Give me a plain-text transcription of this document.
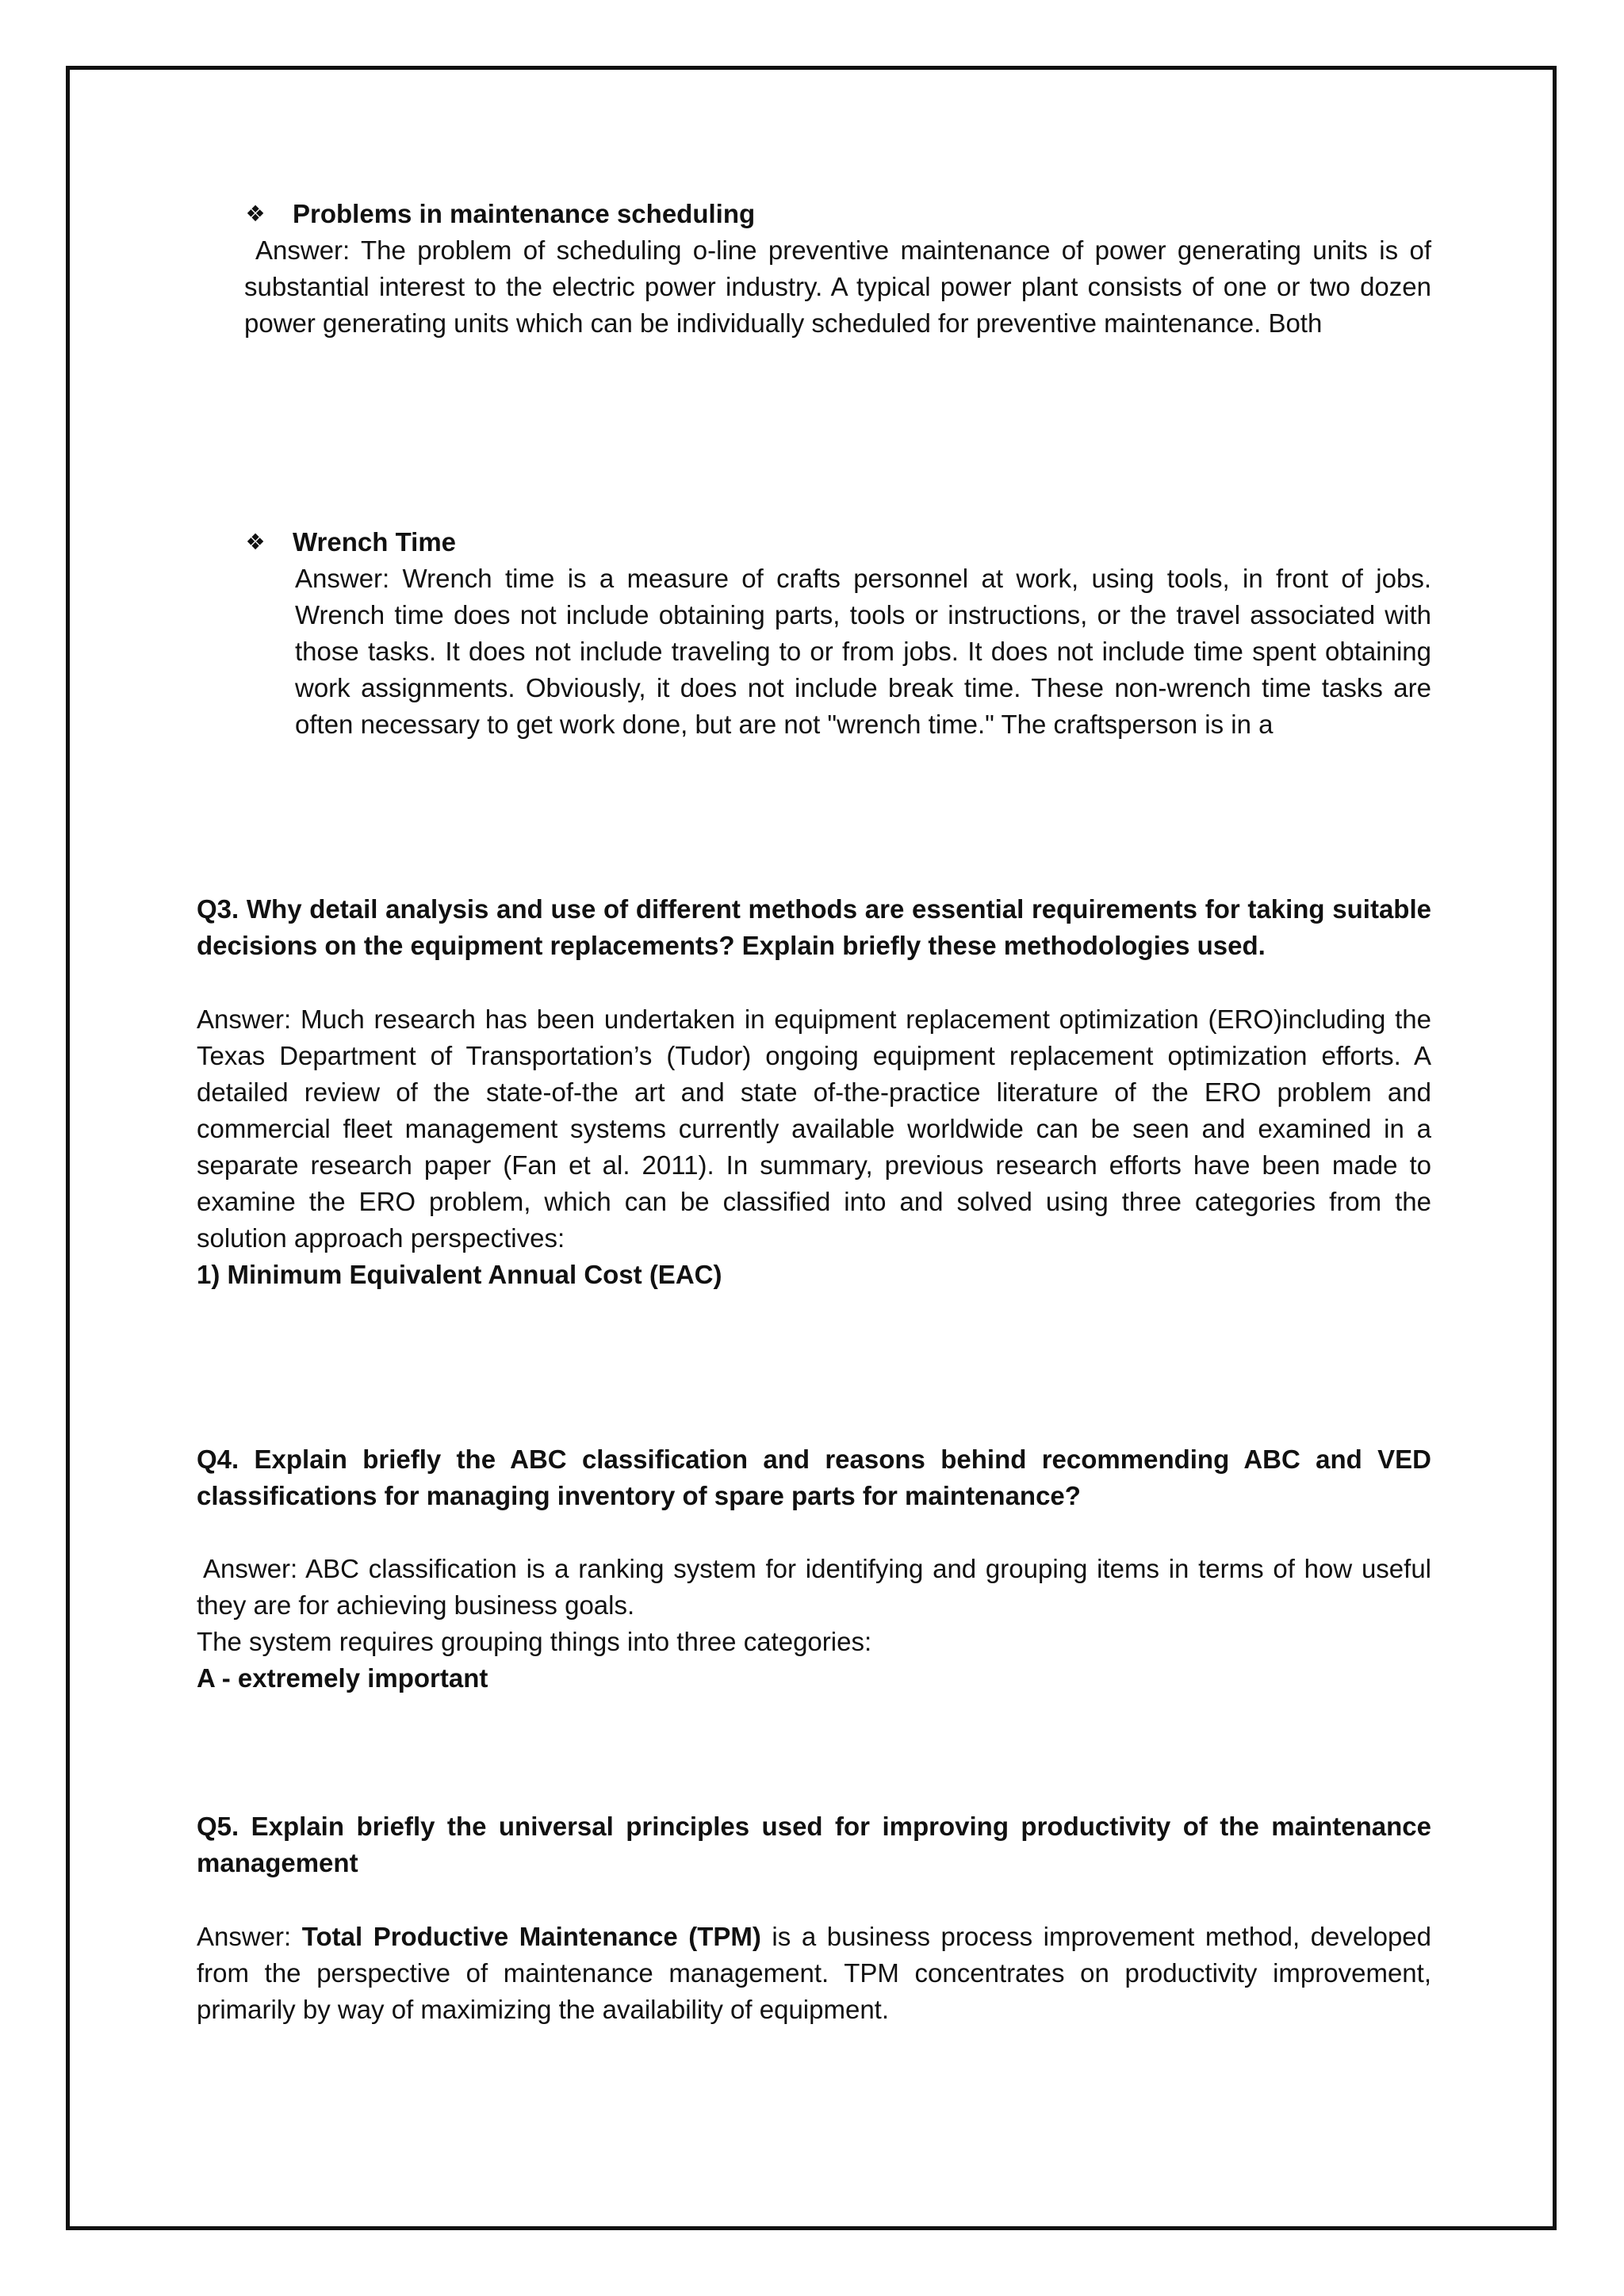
❖ Problems in maintenance scheduling

Answer: The problem of scheduling o-line preventive maintenance of power generating units is of substantial interest to the electric power industry. A typical power plant consists of one or two dozen power generating units which can be individually scheduled for preventive maintenance. Both

❖ Wrench Time

Answer: Wrench time is a measure of crafts personnel at work, using tools, in front of jobs. Wrench time does not include obtaining parts, tools or instructions, or the travel associated with those tasks. It does not include traveling to or from jobs. It does not include time spent obtaining work assignments. Obviously, it does not include break time. These non-wrench time tasks are often necessary to get work done, but are not "wrench time." The craftsperson is in a

Q3. Why detail analysis and use of different methods are essential requirements for taking suitable decisions on the equipment replacements? Explain briefly these methodologies used.

Answer: Much research has been undertaken in equipment replacement optimization (ERO)including the Texas Department of Transportation’s (Tudor) ongoing equipment replacement optimization efforts. A detailed review of the state-of-the art and state of-the-practice literature of the ERO problem and commercial fleet management systems currently available worldwide can be seen and examined in a separate research paper (Fan et al. 2011). In summary, previous research efforts have been made to examine the ERO problem, which can be classified into and solved using three categories from the solution approach perspectives:

1) Minimum Equivalent Annual Cost (EAC)

Q4. Explain briefly the ABC classification and reasons behind recommending ABC and VED classifications for managing inventory of spare parts for maintenance?

Answer: ABC classification is a ranking system for identifying and grouping items in terms of how useful they are for achieving business goals.

The system requires grouping things into three categories:

A - extremely important

Q5. Explain briefly the universal principles used for improving productivity of the maintenance management

Answer: Total Productive Maintenance (TPM) is a business process improvement method, developed from the perspective of maintenance management. TPM concentrates on productivity improvement, primarily by way of maximizing the availability of equipment.
